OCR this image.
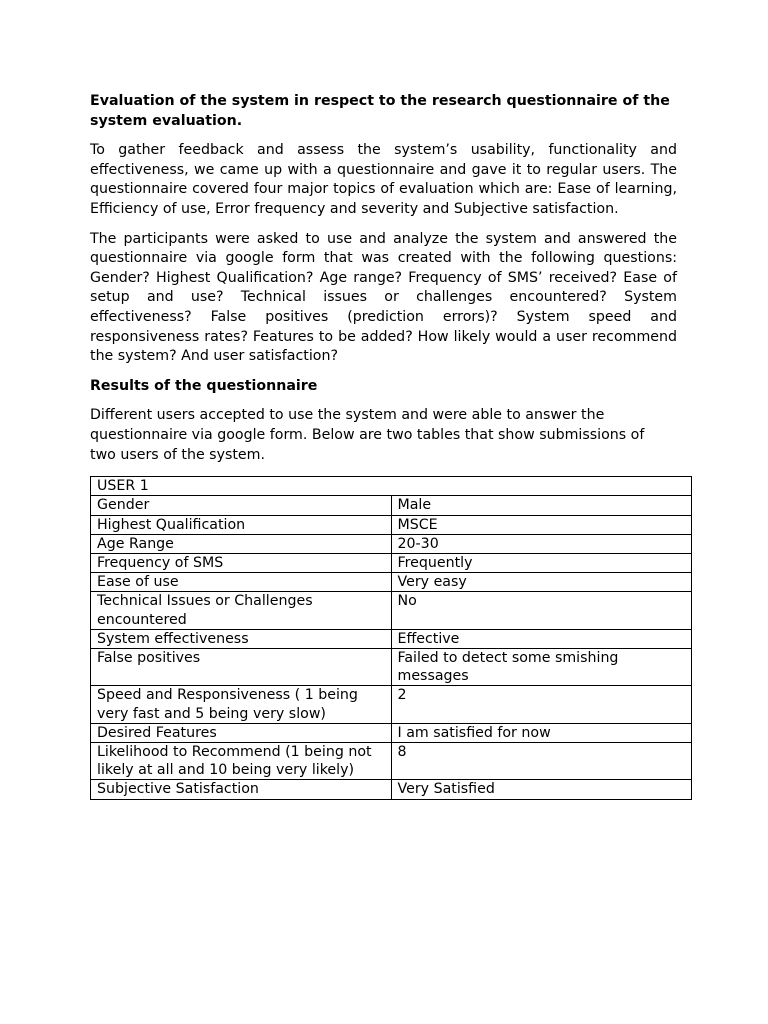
Evaluation of the system in respect to the research questionnaire of the system evaluation.

To gather feedback and assess the system’s usability, functionality and effectiveness, we came up with a questionnaire and gave it to regular users. The questionnaire covered four major topics of evaluation which are: Ease of learning, Efficiency of use, Error frequency and severity and Subjective satisfaction.

The participants were asked to use and analyze the system and answered the questionnaire via google form that was created with the following questions: Gender? Highest Qualification? Age range? Frequency of SMS’ received? Ease of setup and use? Technical issues or challenges encountered? System effectiveness? False positives (prediction errors)? System speed and responsiveness rates? Features to be added? How likely would a user recommend the system? And user satisfaction?

Results of the questionnaire

Different users accepted to use the system and were able to answer the questionnaire via google form. Below are two tables that show submissions of two users of the system.

USER 1	
Gender	Male
Highest Qualification	MSCE
Age Range	20-30
Frequency of SMS	Frequently
Ease of use	Very easy
Technical Issues or Challenges encountered	No
System effectiveness	Effective
False positives	Failed to detect some smishing messages
Speed and Responsiveness ( 1 being very fast and 5 being very slow)	2
Desired Features	I am satisfied for now
Likelihood to Recommend (1 being not likely at all and 10 being very likely)	8
Subjective Satisfaction	Very Satisfied
